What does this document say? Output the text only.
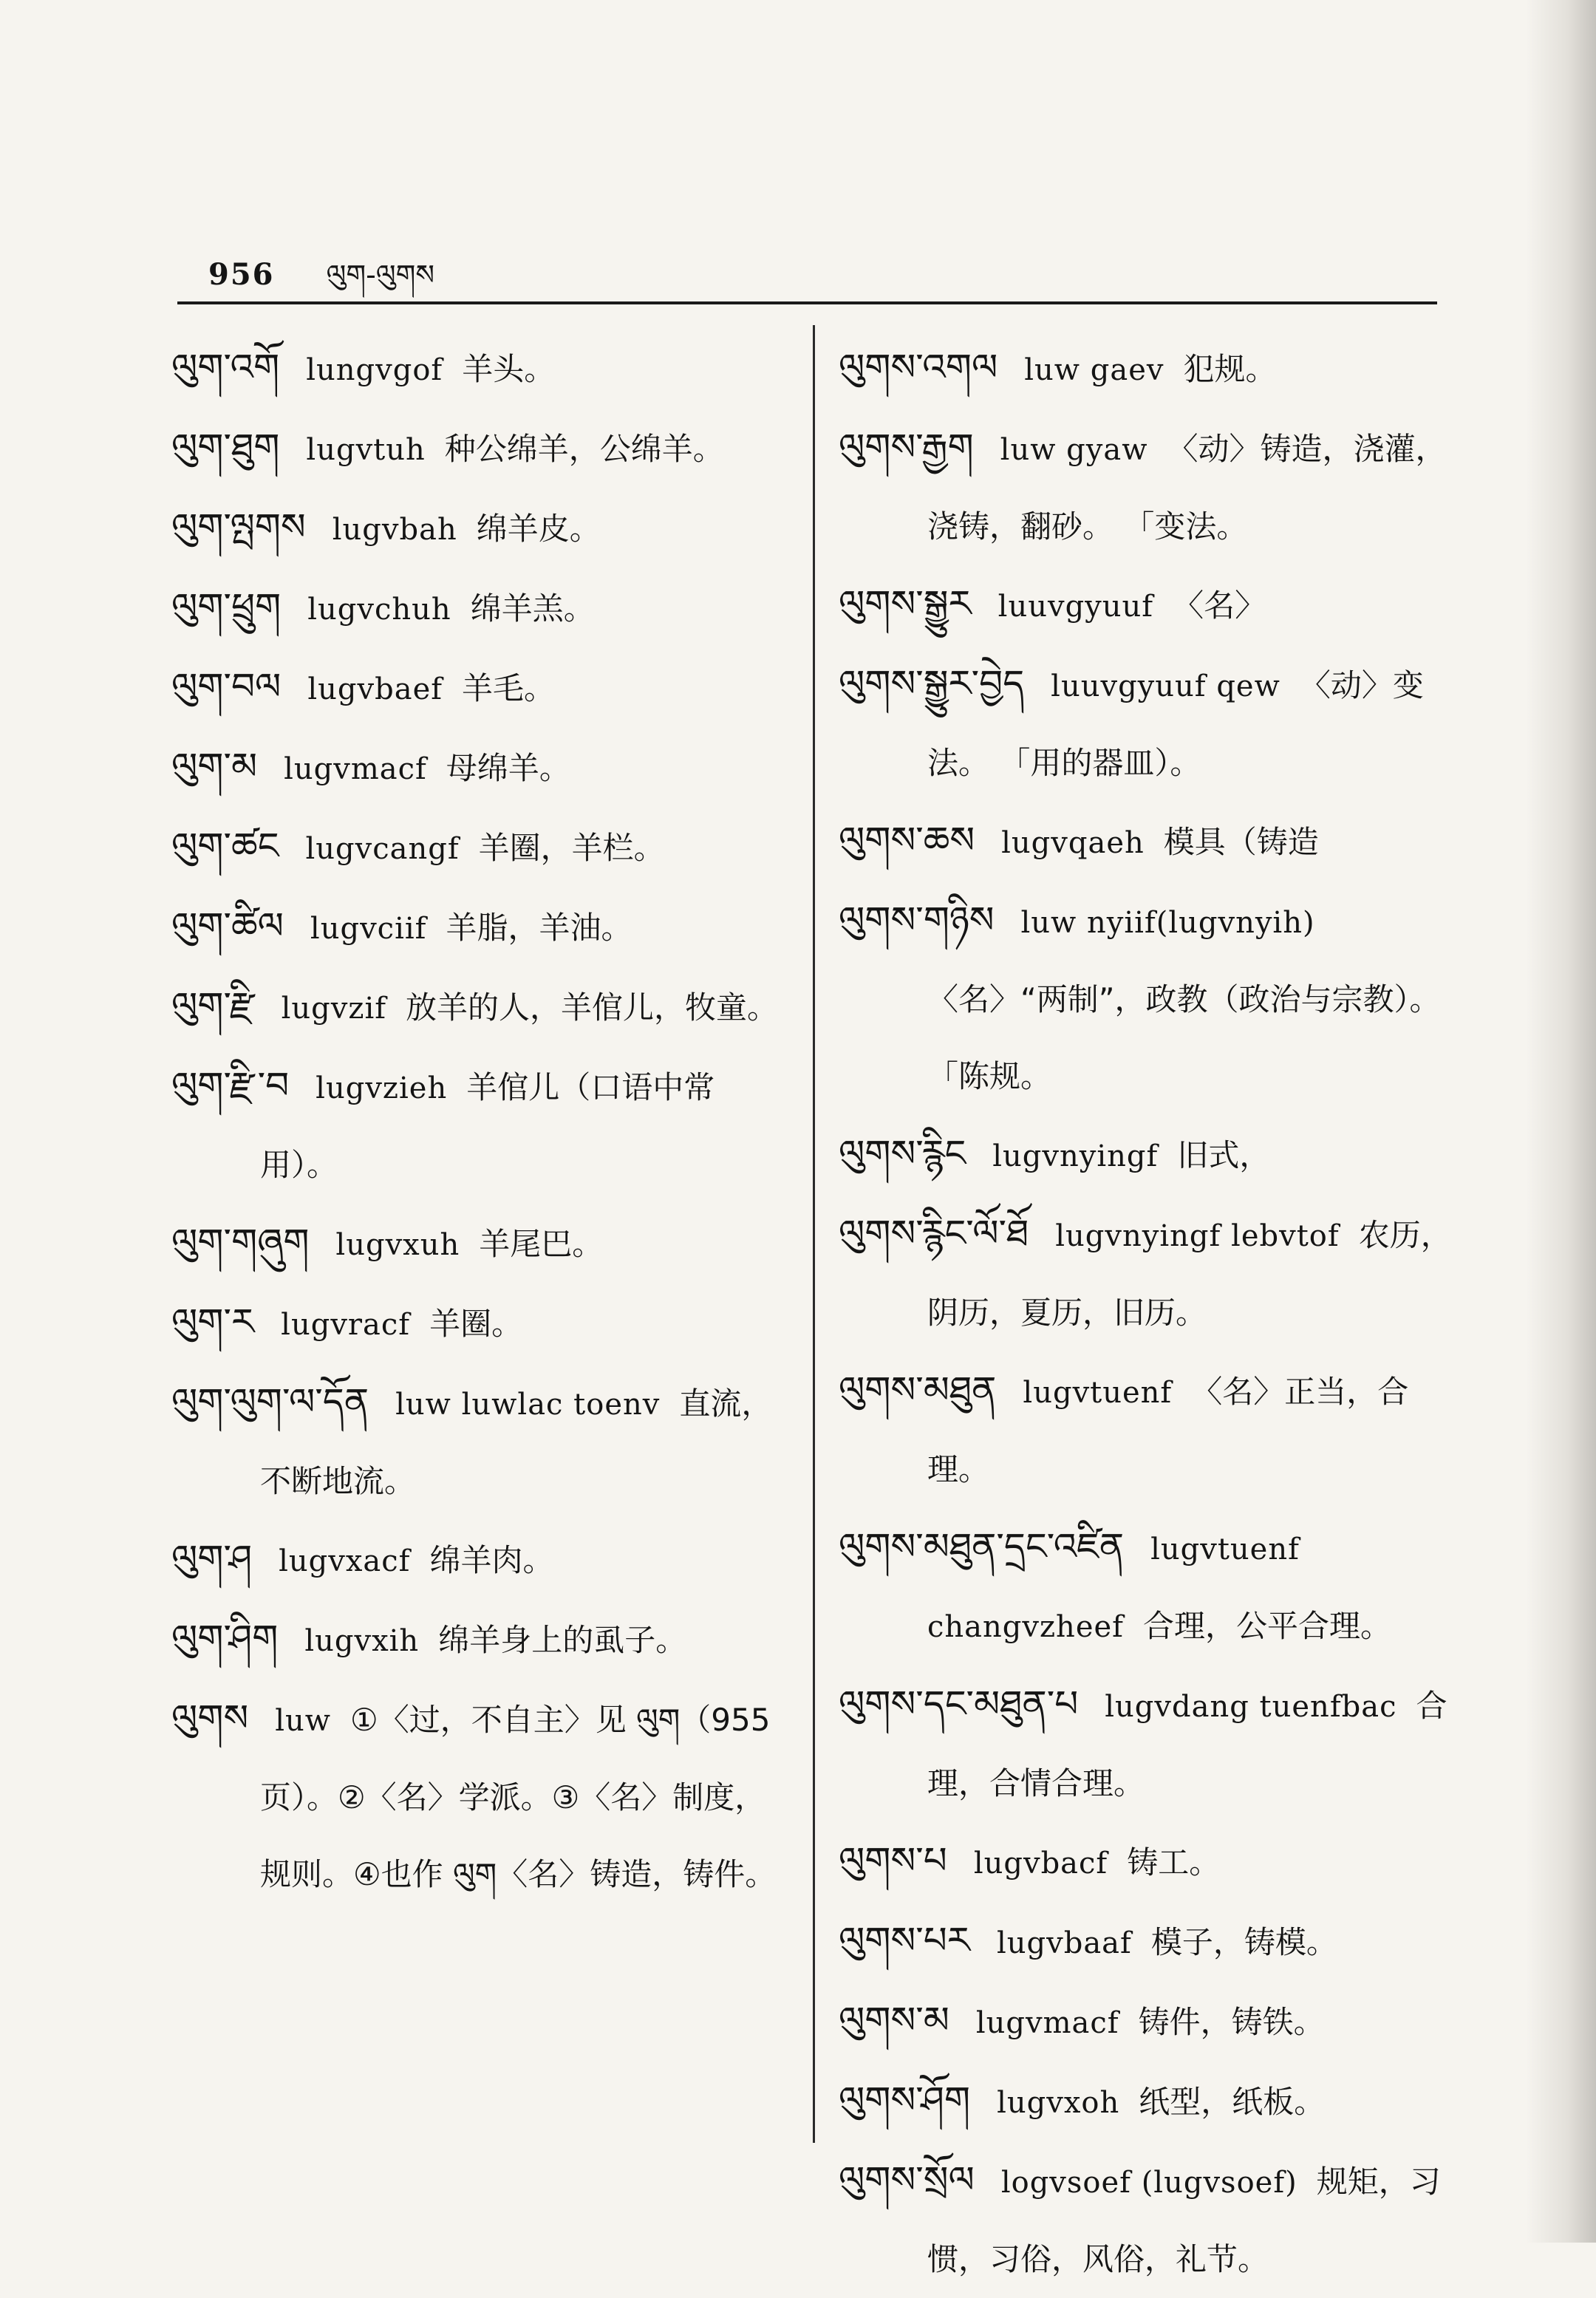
956 ལུག-ལུགས

ལུག་འགོ lungvgof 羊头。

ལུག་ཐུག lugvtuh 种公绵羊，公绵羊。

ལུག་ལྤགས lugvbah 绵羊皮。

ལུག་ཕྲུག lugvchuh 绵羊羔。

ལུག་བལ lugvbaef 羊毛。

ལུག་མ lugvmacf 母绵羊。

ལུག་ཚང lugvcangf 羊圈，羊栏。

ལུག་ཚིལ lugvciif 羊脂，羊油。

ལུག་རྫི lugvzif 放羊的人，羊倌儿，牧童。

ལུག་རྫི་བ lugvzieh 羊倌儿（口语中常用）。

ལུག་གཞུག lugvxuh 羊尾巴。

ལུག་ར lugvracf 羊圈。

ལུག་ལུག་ལ་དོན luw luwlac toenv 直流，不断地流。

ལུག་ཤ lugvxacf 绵羊肉。

ལུག་ཤིག lugvxih 绵羊身上的虱子。

ལུགས luw ①〈过，不自主〉见 ལུག（955页）。②〈名〉学派。③〈名〉制度，规则。④也作 ལུག〈名〉铸造，铸件。

ལུགས་འགལ luw gaev 犯规。

ལུགས་རྒྱག luw gyaw 〈动〉铸造，浇灌，浇铸，翻砂。 「变法。

ལུགས་སྒྱུར luuvgyuuf 〈名〉

ལུགས་སྒྱུར་བྱེད luuvgyuuf qew 〈动〉变法。 「用的器皿）。

ལུགས་ཆས lugvqaeh 模具（铸造

ལུགས་གཉིས luw nyiif(lugvnyih)〈名〉“两制”，政教（政治与宗教）。 「陈规。

ལུགས་རྙིང lugvnyingf 旧式，

ལུགས་རྙིང་ལོ་ཐོ lugvnyingf lebvtof 农历，阴历，夏历，旧历。

ལུགས་མཐུན lugvtuenf 〈名〉正当，合理。

ལུགས་མཐུན་དྲང་འཛིན lugvtuenf changvzheef 合理，公平合理。

ལུགས་དང་མཐུན་པ lugvdang tuenfbac 合理，合情合理。

ལུགས་པ lugvbacf 铸工。

ལུགས་པར lugvbaaf 模子，铸模。

ལུགས་མ lugvmacf 铸件，铸铁。

ལུགས་ཤོག lugvxoh 纸型，纸板。

ལུགས་སྲོལ logvsoef (lugvsoef) 规矩，习惯，习俗，风俗，礼节。
